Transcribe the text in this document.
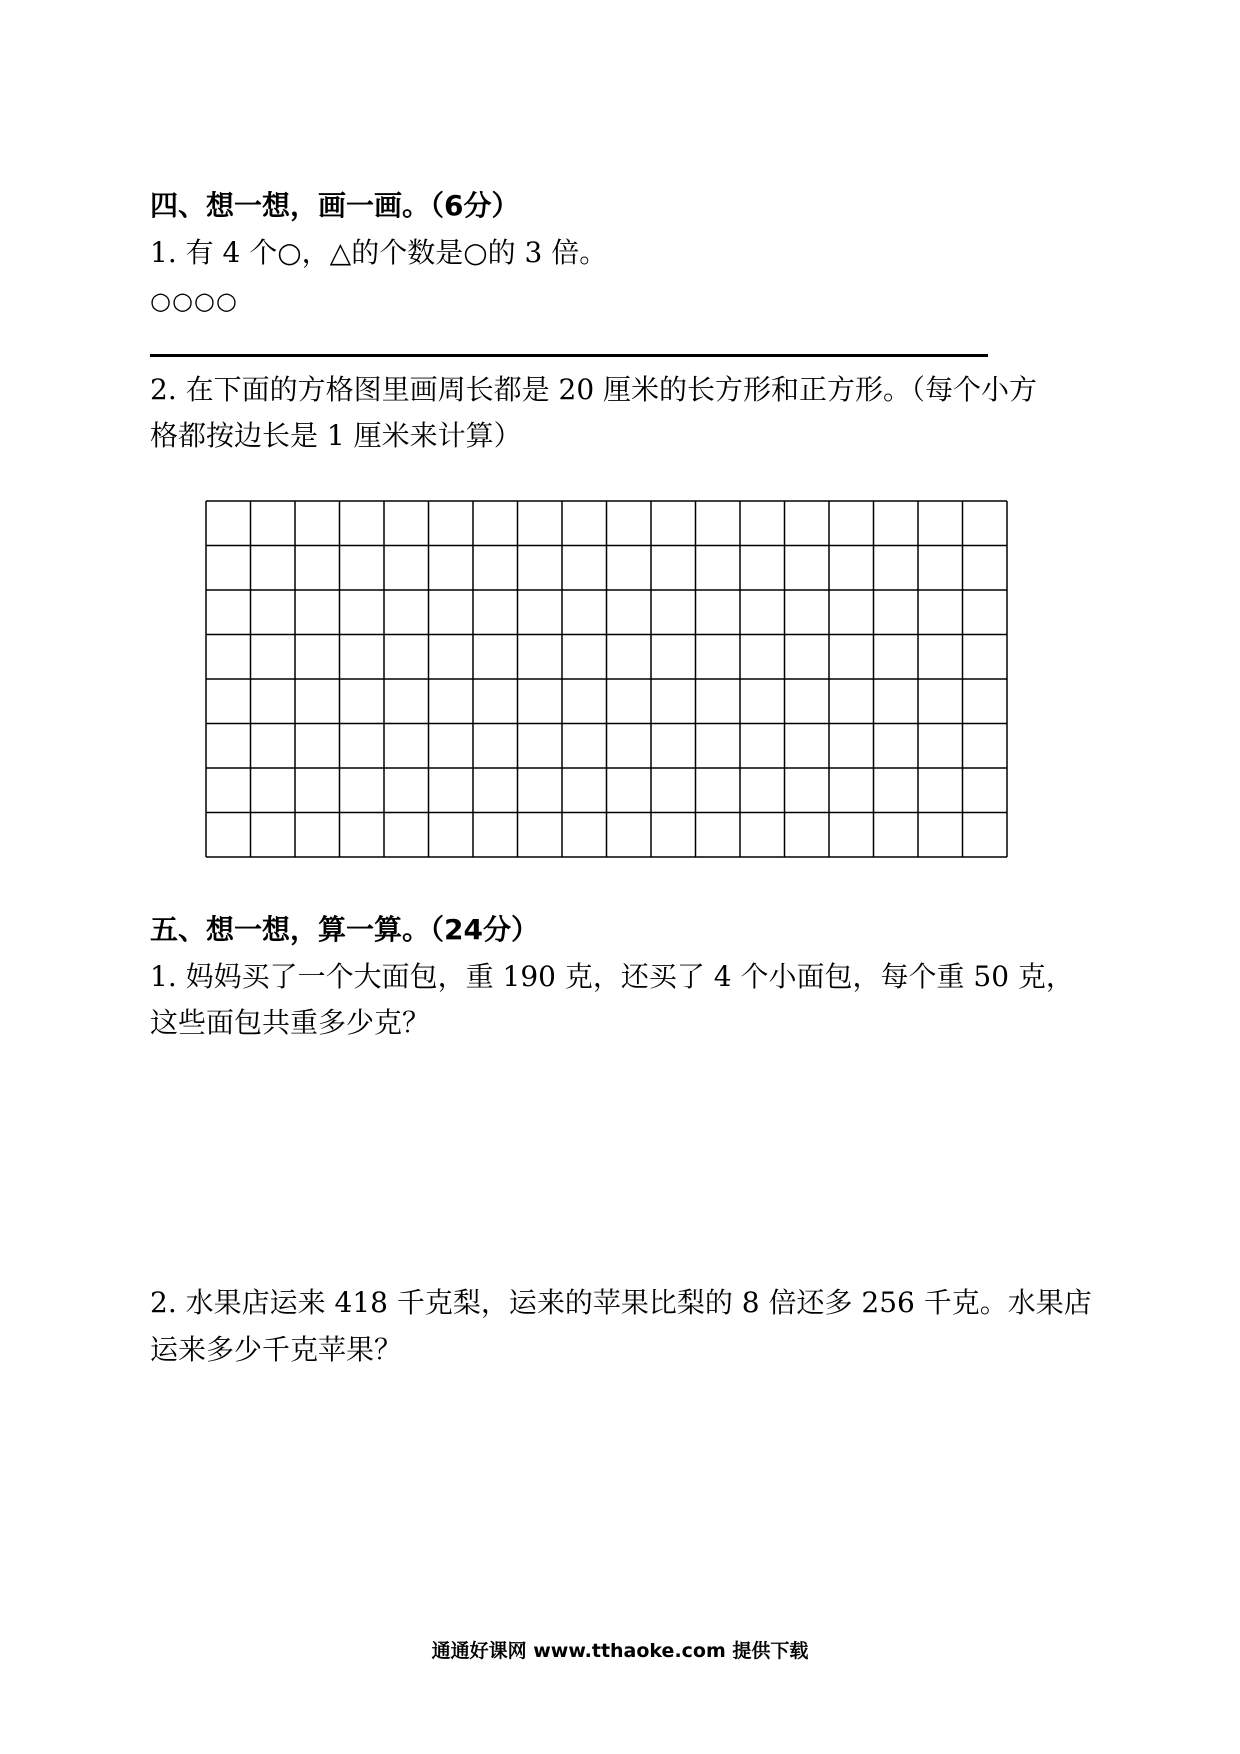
四、想一想，画一画。（6分）
1. 有 4 个○，△的个数是○的 3 倍。
○○○○
2. 在下面的方格图里画周长都是 20 厘米的长方形和正方形。（每个小方
格都按边长是 1 厘米来计算）
五、想一想，算一算。（24分）
1. 妈妈买了一个大面包，重 190 克，还买了 4 个小面包，每个重 50 克，
这些面包共重多少克？
2. 水果店运来 418 千克梨，运来的苹果比梨的 8 倍还多 256 千克。水果店
运来多少千克苹果？
通通好课网 www.tthaoke.com 提供下载
